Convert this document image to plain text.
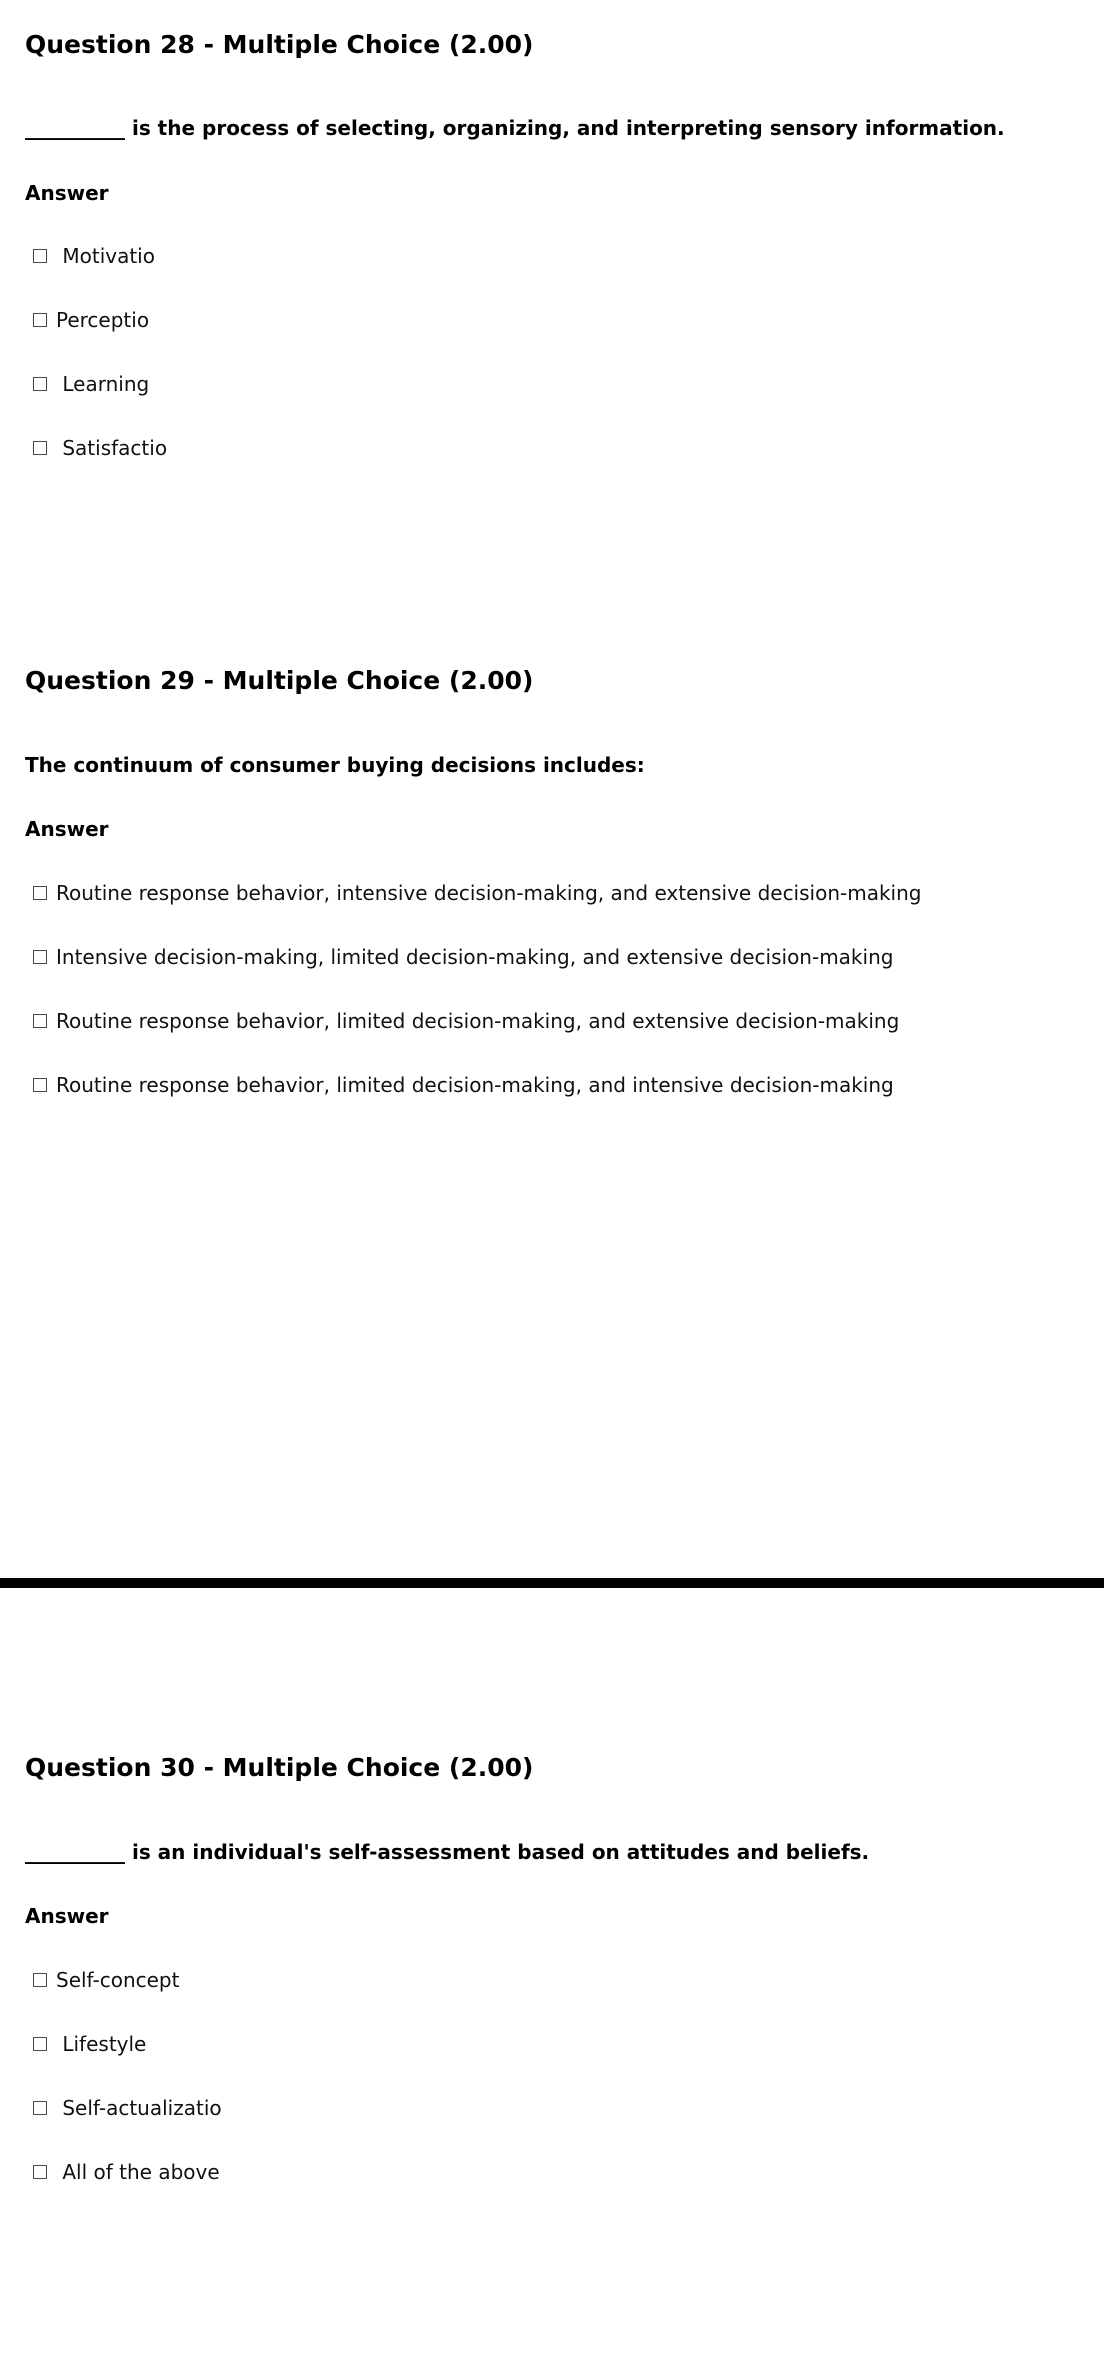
Question 28 - Multiple Choice (2.00)

__________ is the process of selecting, organizing, and interpreting sensory information.

Answer

Motivatio
Perceptio
Learning
Satisfactio
Question 29 - Multiple Choice (2.00)

The continuum of consumer buying decisions includes:

Answer

Routine response behavior, intensive decision-making, and extensive decision-making
Intensive decision-making, limited decision-making, and extensive decision-making
Routine response behavior, limited decision-making, and extensive decision-making
Routine response behavior, limited decision-making, and intensive decision-making
Question 30 - Multiple Choice (2.00)

__________ is an individual's self-assessment based on attitudes and beliefs.

Answer

Self-concept
Lifestyle
Self-actualizatio
All of the above
